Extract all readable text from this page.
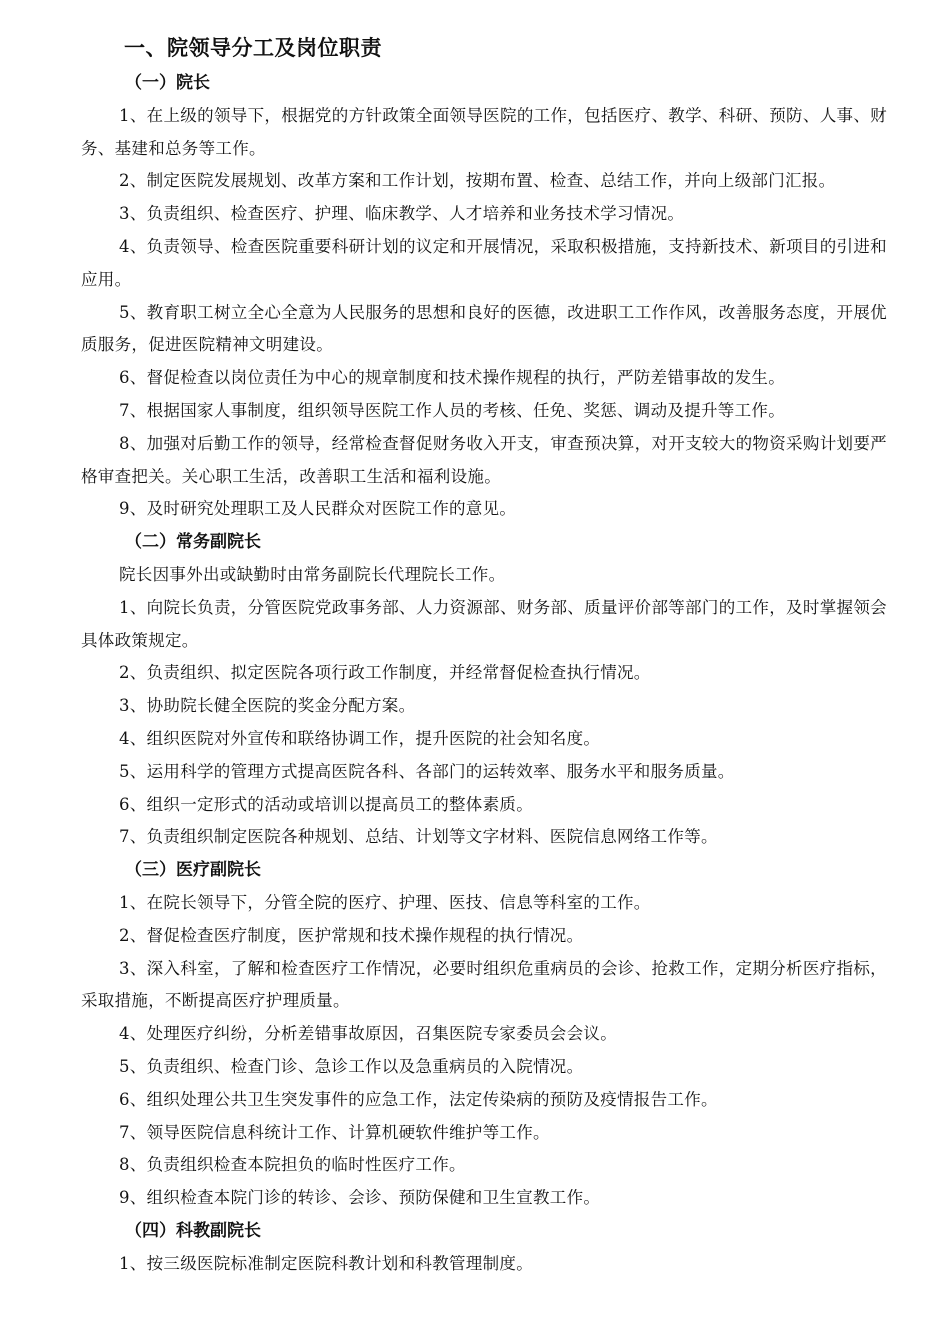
一、院领导分工及岗位职责
（一）院长

1、在上级的领导下，根据党的方针政策全面领导医院的工作，包括医疗、教学、科研、预防、人事、财务、基建和总务等工作。

2、制定医院发展规划、改革方案和工作计划，按期布置、检查、总结工作，并向上级部门汇报。

3、负责组织、检查医疗、护理、临床教学、人才培养和业务技术学习情况。

4、负责领导、检查医院重要科研计划的议定和开展情况，采取积极措施，支持新技术、新项目的引进和应用。

5、教育职工树立全心全意为人民服务的思想和良好的医德，改进职工工作作风，改善服务态度，开展优质服务，促进医院精神文明建设。

6、督促检查以岗位责任为中心的规章制度和技术操作规程的执行，严防差错事故的发生。

7、根据国家人事制度，组织领导医院工作人员的考核、任免、奖惩、调动及提升等工作。

8、加强对后勤工作的领导，经常检查督促财务收入开支，审查预决算，对开支较大的物资采购计划要严格审查把关。关心职工生活，改善职工生活和福利设施。

9、及时研究处理职工及人民群众对医院工作的意见。

（二）常务副院长

院长因事外出或缺勤时由常务副院长代理院长工作。

1、向院长负责，分管医院党政事务部、人力资源部、财务部、质量评价部等部门的工作，及时掌握领会具体政策规定。

2、负责组织、拟定医院各项行政工作制度，并经常督促检查执行情况。

3、协助院长健全医院的奖金分配方案。

4、组织医院对外宣传和联络协调工作，提升医院的社会知名度。

5、运用科学的管理方式提高医院各科、各部门的运转效率、服务水平和服务质量。

6、组织一定形式的活动或培训以提高员工的整体素质。

7、负责组织制定医院各种规划、总结、计划等文字材料、医院信息网络工作等。

（三）医疗副院长

1、在院长领导下，分管全院的医疗、护理、医技、信息等科室的工作。

2、督促检查医疗制度，医护常规和技术操作规程的执行情况。

3、深入科室，了解和检查医疗工作情况，必要时组织危重病员的会诊、抢救工作，定期分析医疗指标，采取措施，不断提高医疗护理质量。

4、处理医疗纠纷，分析差错事故原因，召集医院专家委员会会议。

5、负责组织、检查门诊、急诊工作以及急重病员的入院情况。

6、组织处理公共卫生突发事件的应急工作，法定传染病的预防及疫情报告工作。

7、领导医院信息科统计工作、计算机硬软件维护等工作。

8、负责组织检查本院担负的临时性医疗工作。

9、组织检查本院门诊的转诊、会诊、预防保健和卫生宣教工作。

（四）科教副院长

1、按三级医院标准制定医院科教计划和科教管理制度。
